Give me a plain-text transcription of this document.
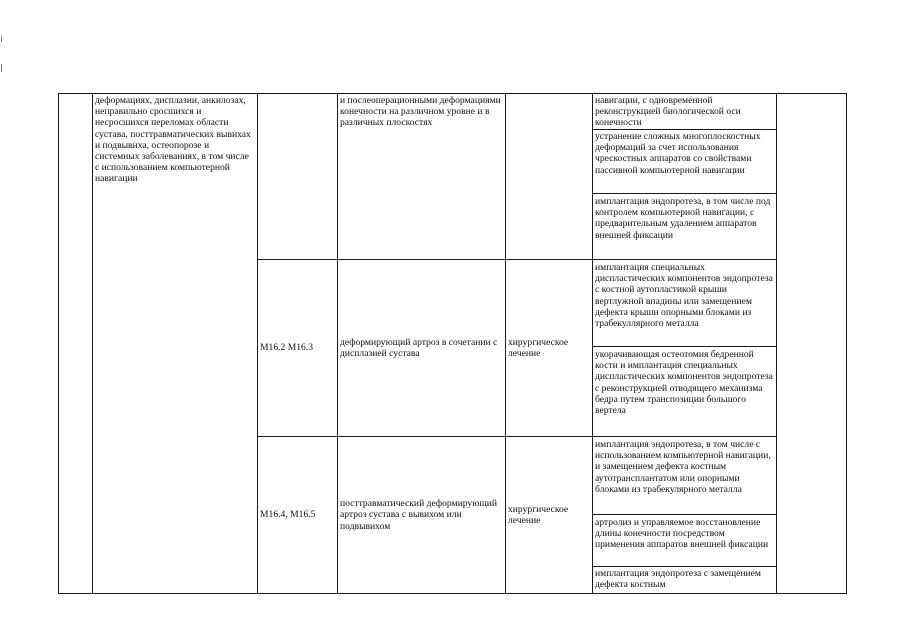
деформациях, дисплазии, анкилозах, неправильно сросшихся и несросшихся переломах области сустава, посттравматических вывихах и подвывиха, остеопорозе и системных заболеваниях, в том числе с использованием компьютерной навигации
и послеоперационными деформациями конечности на различном уровне и в различных плоскостях
навигации, с одновременной реконструкцией биологической оси конечности
устранение сложных многоплоскостных деформаций за счет использования чрескостных аппаратов со свойствами пассивной компьютерной навигации
имплантация эндопротеза, в том числе под контролем компьютерной навигации, с предварительным удалением аппаратов внешней фиксации
M16.2 M16.3
деформирующий артроз в сочетании с дисплазией сустава
хирургическое лечение
имплантация специальных диспластических компонентов эндопротеза с костной аутопластикой крыши вертлужной впадины или замещением дефекта крыши опорными блоками из трабекуллярного металла
укорачивающая остеотомия бедренной кости и имплантация специальных диспластических компонентов эндопротеза с реконструкцией отводящего механизма бедра путем транспозиции большого вертела
M16.4, M16.5
посттравматический деформирующий артроз сустава с вывихом или подвывихом
хирургическое лечение
имплантация эндопротеза, в том числе с использованием компьютерной навигации, и замещением дефекта костным аутотрансплантатом или опорными блоками из трабекулярного металла
артролиз и управляемое восстановление длины конечности посредством применения аппаратов внешней фиксации
имплантация эндопротеза с замещением дефекта костным
